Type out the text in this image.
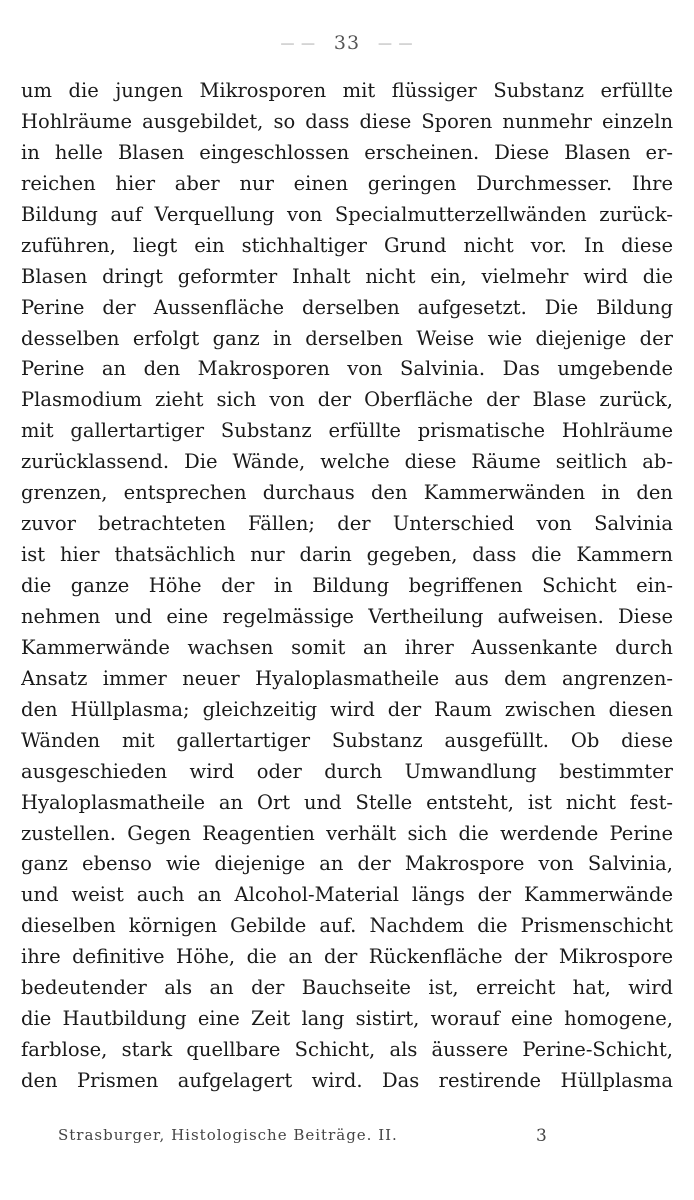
— —   33   — —
um die jungen Mikrosporen mit flüssiger Substanz erfüllte
Hohlräume ausgebildet, so dass diese Sporen nunmehr einzeln
in helle Blasen eingeschlossen erscheinen. Diese Blasen er-
reichen hier aber nur einen geringen Durchmesser. Ihre
Bildung auf Verquellung von Specialmutterzellwänden zurück-
zuführen, liegt ein stichhaltiger Grund nicht vor. In diese
Blasen dringt geformter Inhalt nicht ein, vielmehr wird die
Perine der Aussenfläche derselben aufgesetzt. Die Bildung
desselben erfolgt ganz in derselben Weise wie diejenige der
Perine an den Makrosporen von Salvinia. Das umgebende
Plasmodium zieht sich von der Oberfläche der Blase zurück,
mit gallertartiger Substanz erfüllte prismatische Hohlräume
zurücklassend. Die Wände, welche diese Räume seitlich ab-
grenzen, entsprechen durchaus den Kammerwänden in den
zuvor betrachteten Fällen; der Unterschied von Salvinia
ist hier thatsächlich nur darin gegeben, dass die Kammern
die ganze Höhe der in Bildung begriffenen Schicht ein-
nehmen und eine regelmässige Vertheilung aufweisen. Diese
Kammerwände wachsen somit an ihrer Aussenkante durch
Ansatz immer neuer Hyaloplasmatheile aus dem angrenzen-
den Hüllplasma; gleichzeitig wird der Raum zwischen diesen
Wänden mit gallertartiger Substanz ausgefüllt. Ob diese
ausgeschieden wird oder durch Umwandlung bestimmter
Hyaloplasmatheile an Ort und Stelle entsteht, ist nicht fest-
zustellen. Gegen Reagentien verhält sich die werdende Perine
ganz ebenso wie diejenige an der Makrospore von Salvinia,
und weist auch an Alcohol-Material längs der Kammerwände
dieselben körnigen Gebilde auf. Nachdem die Prismenschicht
ihre definitive Höhe, die an der Rückenfläche der Mikrospore
bedeutender als an der Bauchseite ist, erreicht hat, wird
die Hautbildung eine Zeit lang sistirt, worauf eine homogene,
farblose, stark quellbare Schicht, als äussere Perine-Schicht,
den Prismen aufgelagert wird. Das restirende Hüllplasma
Strasburger, Histologische Beiträge. II.	3
